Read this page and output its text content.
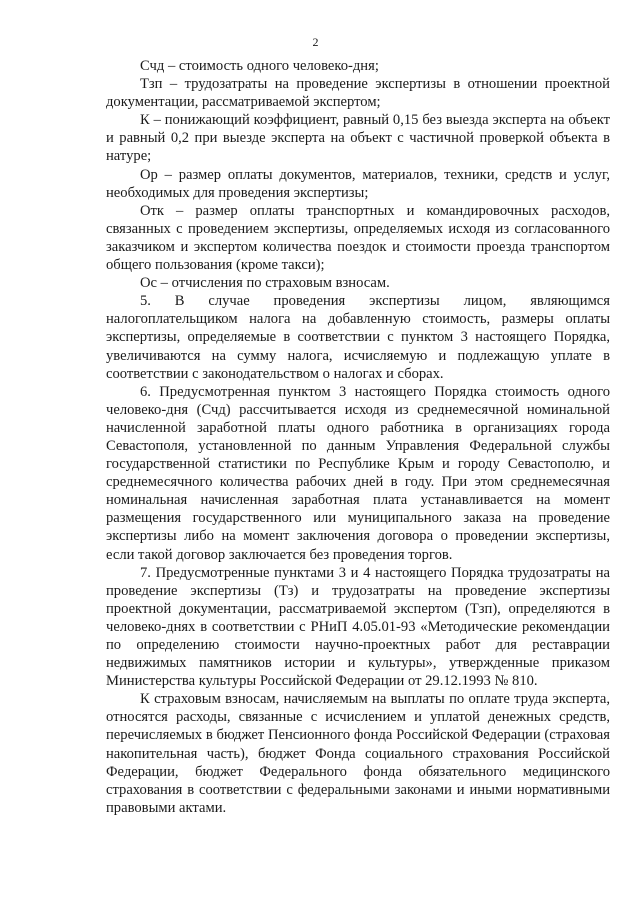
2

Счд – стоимость одного человеко-дня;

Тзп – трудозатраты на проведение экспертизы в отношении проектной документации, рассматриваемой экспертом;

К – понижающий коэффициент, равный 0,15 без выезда эксперта на объект и равный 0,2 при выезде эксперта на объект с частичной проверкой объекта в натуре;

Ор – размер оплаты документов, материалов, техники, средств и услуг, необходимых для проведения экспертизы;

Отк – размер оплаты транспортных и командировочных расходов, связанных с проведением экспертизы, определяемых исходя из согласованного заказчиком и экспертом количества поездок и стоимости проезда транспортом общего пользования (кроме такси);

Ос – отчисления по страховым взносам.

5. В случае проведения экспертизы лицом, являющимся налогоплательщиком налога на добавленную стоимость, размеры оплаты экспертизы, определяемые в соответствии с пунктом 3 настоящего Порядка, увеличиваются на сумму налога, исчисляемую и подлежащую уплате в соответствии с законодательством о налогах и сборах.

6. Предусмотренная пунктом 3 настоящего Порядка стоимость одного человеко-дня (Счд) рассчитывается исходя из среднемесячной номинальной начисленной заработной платы одного работника в организациях города Севастополя, установленной по данным Управления Федеральной службы государственной статистики по Республике Крым и городу Севастополю, и среднемесячного количества рабочих дней в году. При этом среднемесячная номинальная начисленная заработная плата устанавливается на момент размещения государственного или муниципального заказа на проведение экспертизы либо на момент заключения договора о проведении экспертизы, если такой договор заключается без проведения торгов.

7. Предусмотренные пунктами 3 и 4 настоящего Порядка трудозатраты на проведение экспертизы (Тз) и трудозатраты на проведение экспертизы проектной документации, рассматриваемой экспертом (Тзп), определяются в человеко-днях в соответствии с РНиП 4.05.01-93 «Методические рекомендации по определению стоимости научно-проектных работ для реставрации недвижимых памятников истории и культуры», утвержденные приказом Министерства культуры Российской Федерации от 29.12.1993 № 810.

К страховым взносам, начисляемым на выплаты по оплате труда эксперта, относятся расходы, связанные с исчислением и уплатой денежных средств, перечисляемых в бюджет Пенсионного фонда Российской Федерации (страховая накопительная часть), бюджет Фонда социального страхования Российской Федерации, бюджет Федерального фонда обязательного медицинского страхования в соответствии с федеральными законами и иными нормативными правовыми актами.
